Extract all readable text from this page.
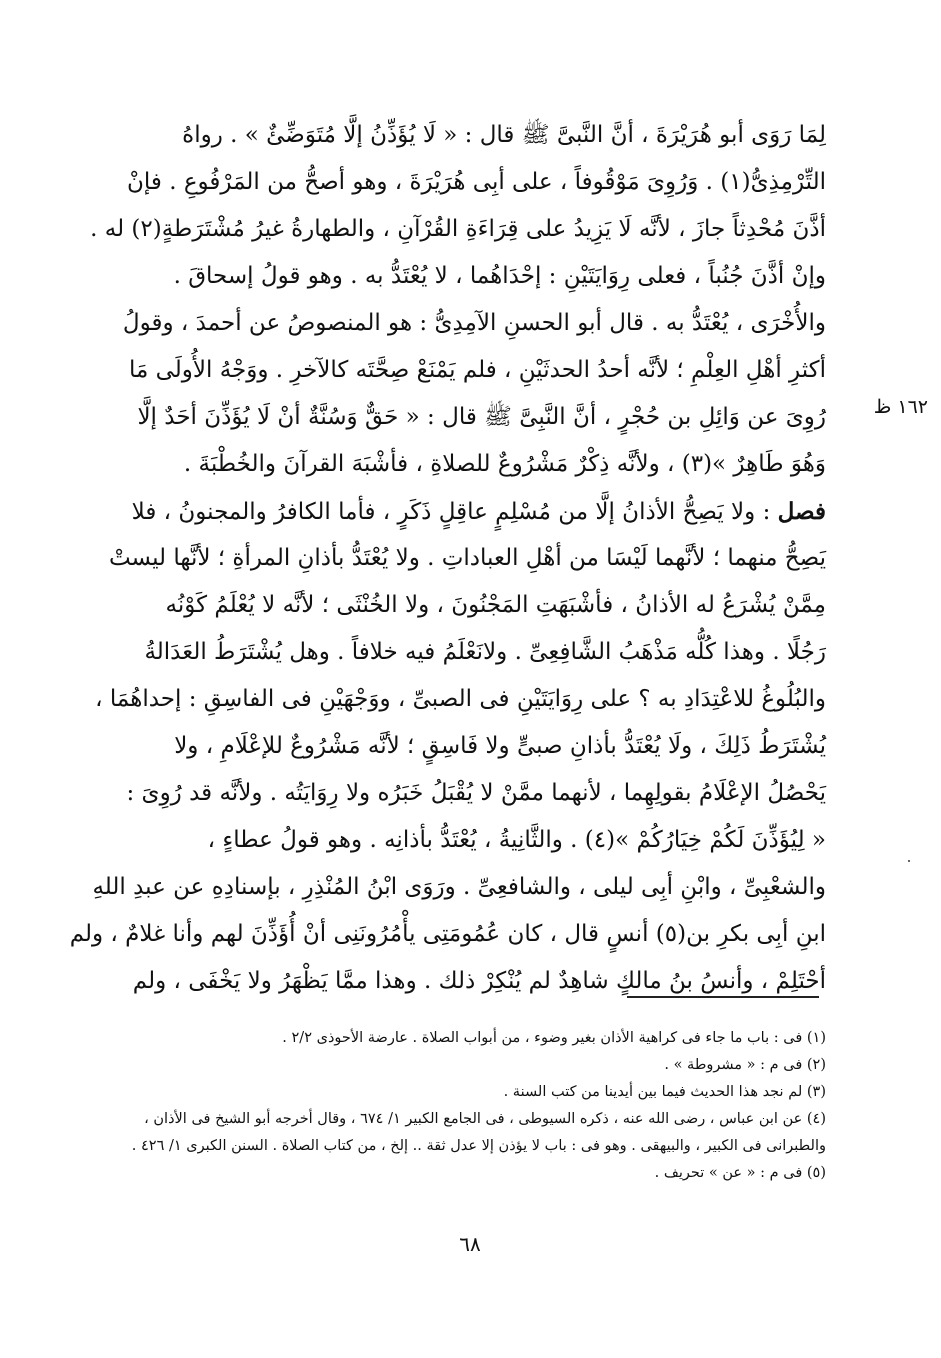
لِمَا رَوَى أبو هُرَيْرَةَ ، أنَّ النَّبىَّ ﷺ قال : « لَا يُؤَذِّنُ إلَّا مُتَوَضِّئٌ » . رواهُ
التِّرْمِذِىُّ(١) . وَرُوِىَ مَوْقُوفاً ، على أبِى هُرَيْرَةَ ، وهو أصحُّ من المَرْفُوعِ . فإنْ
أذَّنَ مُحْدِثاً جازَ ، لأنَّه لَا يَزِيدُ على قِرَاءَةِ القُرْآنِ ، والطهارةُ غيرُ مُشْتَرَطةٍ(٢) له .
وإنْ أذَّنَ جُنُباً ، فعلى رِوَايَتَيْنِ : إحْدَاهُما ، لا يُعْتَدُّ به . وهو قولُ إسحاقَ .
والأُخْرَى ، يُعْتَدُّ به . قال أبو الحسنِ الآمِدِىُّ : هو المنصوصُ عن أحمدَ ، وقولُ
أكثرِ أهْلِ العِلْمِ ؛ لأنَّه أحدُ الحدثَيْنِ ، فلم يَمْنَعْ صِحَّتَه كالآخرِ . ووَجْهُ الأُولَى مَا
رُوِىَ عن وَائِلِ بن حُجْرٍ ، أنَّ النَّبِىَّ ﷺ قال : « حَقٌّ وَسُنَّةٌ أنْ لَا يُؤَذِّنَ أحَدٌ إلَّا
وَهُوَ طَاهِرٌ »(٣) ، ولأنَّه ذِكْرٌ مَشْرُوعٌ للصلاةِ ، فأشْبَهَ القرآنَ والخُطْبَةَ .
فصل : ولا يَصِحُّ الأذانُ إلَّا من مُسْلِمٍ عاقِلٍ ذَكَرٍ ، فأما الكافرُ والمجنونُ ، فلا
يَصِحُّ منهما ؛ لأنَّهما لَيْسَا من أهْلِ العباداتِ . ولا يُعْتَدُّ بأذانِ المرأةِ ؛ لأنَّها ليستْ
مِمَّنْ يُشْرَعُ له الأذانُ ، فأشْبَهَتِ المَجْنُونَ ، ولا الخُنْثَى ؛ لأنَّه لا يُعْلَمُ كَوْنُه
رَجُلًا . وهذا كُلُّه مَذْهَبُ الشَّافِعِىِّ . ولانَعْلَمُ فيه خلافاً . وهل يُشْتَرَطُ العَدَالةُ
والبُلُوغُ للاعْتِدَادِ به ؟ على رِوَايَتَيْنِ فى الصبىِّ ، ووَجْهَيْنِ فى الفاسِقِ : إحداهُمَا ،
يُشْتَرَطُ ذَلِكَ ، ولَا يُعْتَدُّ بأذانِ صبىٍّ ولا فَاسِقٍ ؛ لأنَّه مَشْرُوعٌ للإعْلَامِ ، ولا
يَحْصُلُ الإعْلَامُ بقولِهِما ، لأنهما ممَّنْ لا يُقْبَلُ خَبَرُه ولا رِوَايَتُه . ولأنَّه قد رُوِىَ :
« لِيُؤَذِّنَ لَكُمْ خِيَارُكُمْ »(٤) . والثَّانِيةُ ، يُعْتَدُّ بأذانِه . وهو قولُ عطاءٍ ،
والشعْبِىِّ ، وابْنِ أبِى ليلى ، والشافعِىِّ . ورَوَى ابْنُ المُنْذِرِ ، بإسنادِهِ عن عبدِ اللهِ
ابنِ أبِى بكرِ بن(٥) أنسٍ قال ، كان عُمُومَتِى يأْمُرُونَنِى أنْ أُؤَذِّنَ لهم وأنا غلامٌ ، ولم
أحْتَلِمْ ، وأنسُ بنُ مالكٍ شاهِدٌ لم يُنْكِرْ ذلك . وهذا ممَّا يَظْهَرُ ولا يَخْفَى ، ولم
١٦٢ ظ
(١) فى : باب ما جاء فى كراهية الأذان بغير وضوء ، من أبواب الصلاة . عارضة الأحوذى ٢/٢ .
(٢) فى م : « مشروطة » .
(٣) لم نجد هذا الحديث فيما بين أيدينا من كتب السنة .
(٤) عن ابن عباس ، رضى الله عنه ، ذكره السيوطى ، فى الجامع الكبير ١/ ٦٧٤ ، وقال أخرجه أبو الشيخ فى الأذان ،
والطبرانى فى الكبير ، والبيهقى . وهو فى : باب لا يؤذن إلا عدل ثقة .. إلخ ، من كتاب الصلاة . السنن الكبرى ١/ ٤٢٦ .
(٥) فى م : « عن » تحريف .
٦٨
